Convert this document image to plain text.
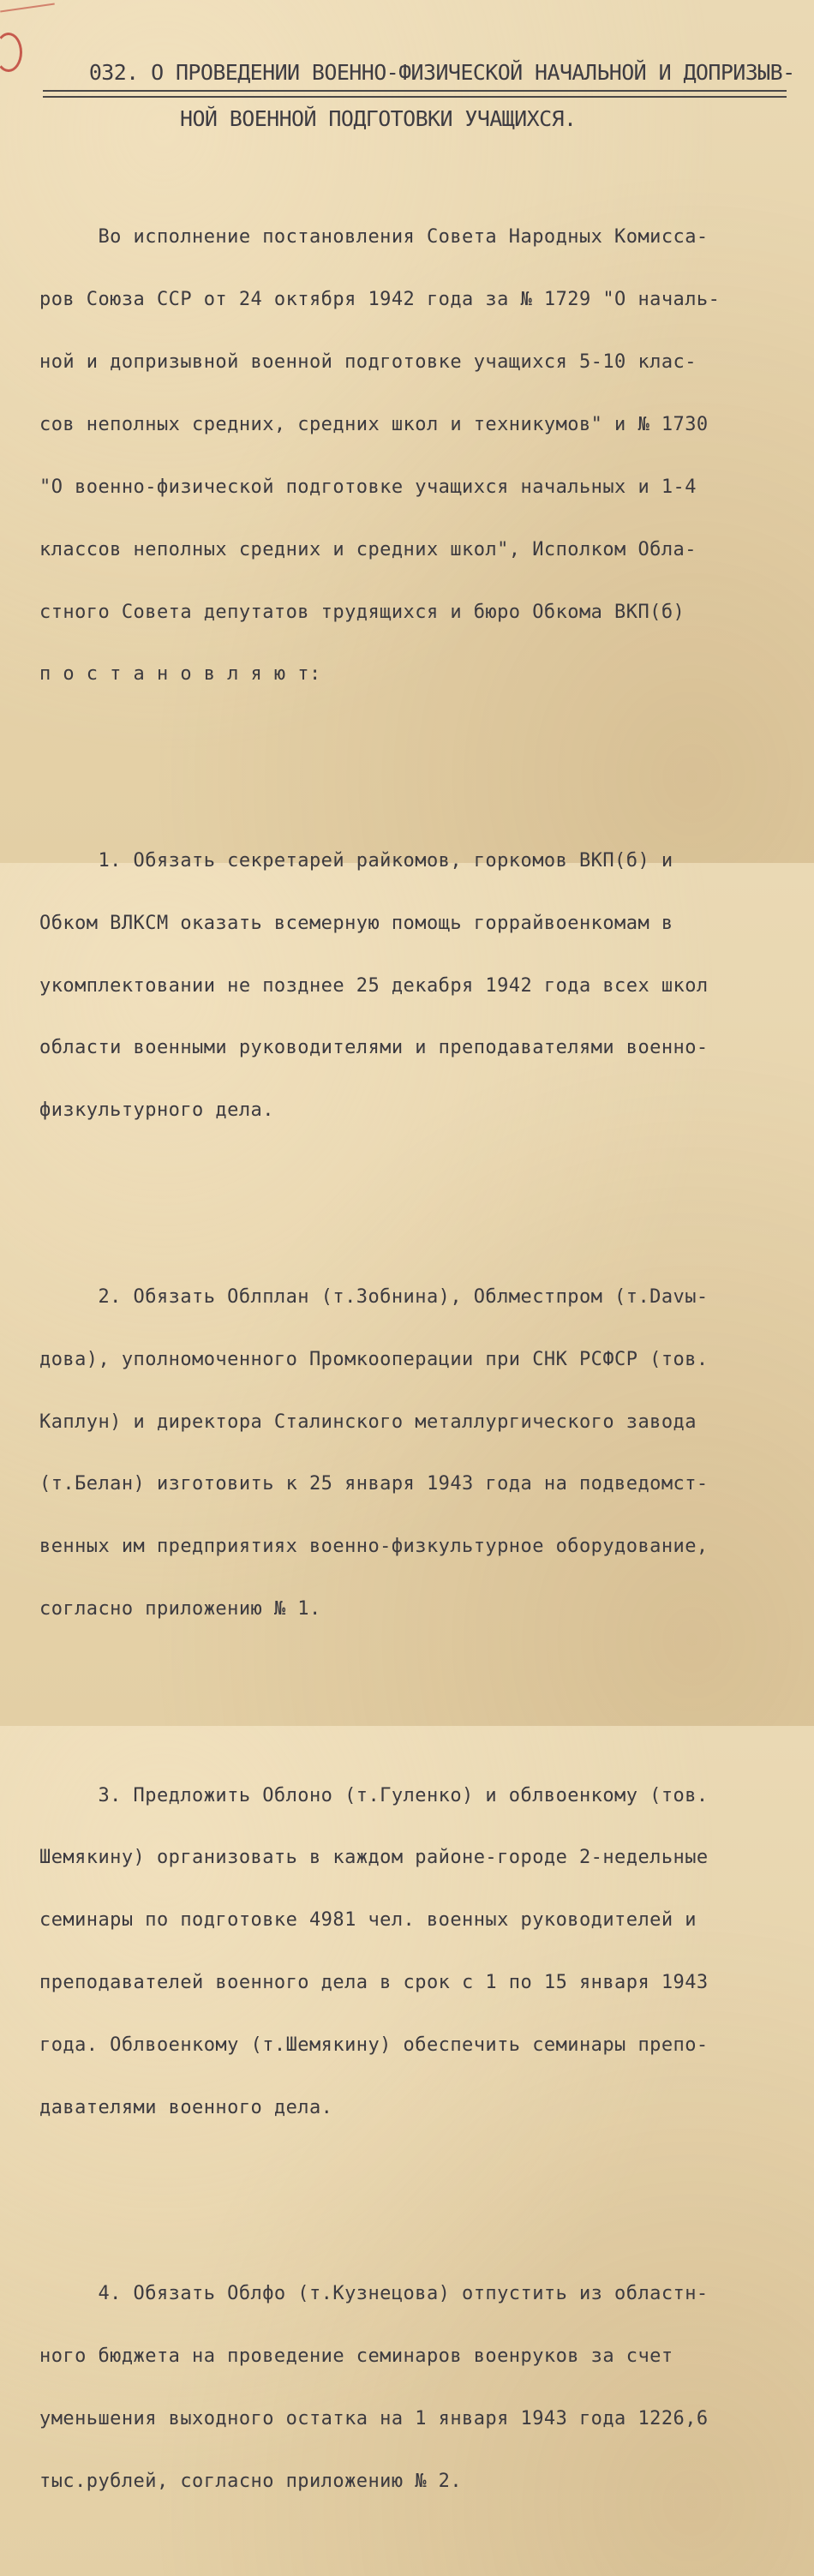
032. О ПРОВЕДЕНИИ ВОЕННО-ФИЗИЧЕСКОЙ НАЧАЛЬНОЙ И ДОПРИЗЫВ-

НОЙ ВОЕННОЙ ПОДГОТОВКИ УЧАЩИХСЯ.

Во исполнение постановления Совета Народных Комисса-

ров Союза ССР от 24 октября 1942 года за № 1729 "О началь-

ной и допризывной военной подготовке учащихся 5-10 клас-

сов неполных средних, средних школ и техникумов" и № 1730

"О военно-физической подготовке учащихся начальных и 1-4

классов неполных средних и средних школ", Исполком Обла-

стного Совета депутатов трудящихся и бюро Обкома ВКП(б)

п о с т а н о в л я ю т:

1. Обязать секретарей райкомов, горкомов ВКП(б) и

Обком ВЛКСМ оказать всемерную помощь горрайвоенкомам в

укомплектовании не позднее 25 декабря 1942 года всех школ

области военными руководителями и преподавателями военно-

физкультурного дела.

2. Обязать Облплан (т.Зобнина), Облместпром (т.Davы-

дова), уполномоченного Промкооперации при СНК РСФСР (тов.

Каплун) и директора Сталинского металлургического завода

(т.Белан) изготовить к 25 января 1943 года на подведомст-

венных им предприятиях военно-физкультурное оборудование,

согласно приложению № 1.

3. Предложить Облоно (т.Гуленко) и облвоенкому (тов.

Шемякину) организовать в каждом районе-городе 2-недельные

семинары по подготовке 4981 чел. военных руководителей и

преподавателей военного дела в срок с 1 по 15 января 1943

года. Облвоенкому (т.Шемякину) обеспечить семинары препо-

давателями военного дела.

4. Обязать Облфо (т.Кузнецова) отпустить из областн-

ного бюджета на проведение семинаров военруков за счет

уменьшения выходного остатка на 1 января 1943 года 1226,6

тыс.рублей, согласно приложению № 2.
